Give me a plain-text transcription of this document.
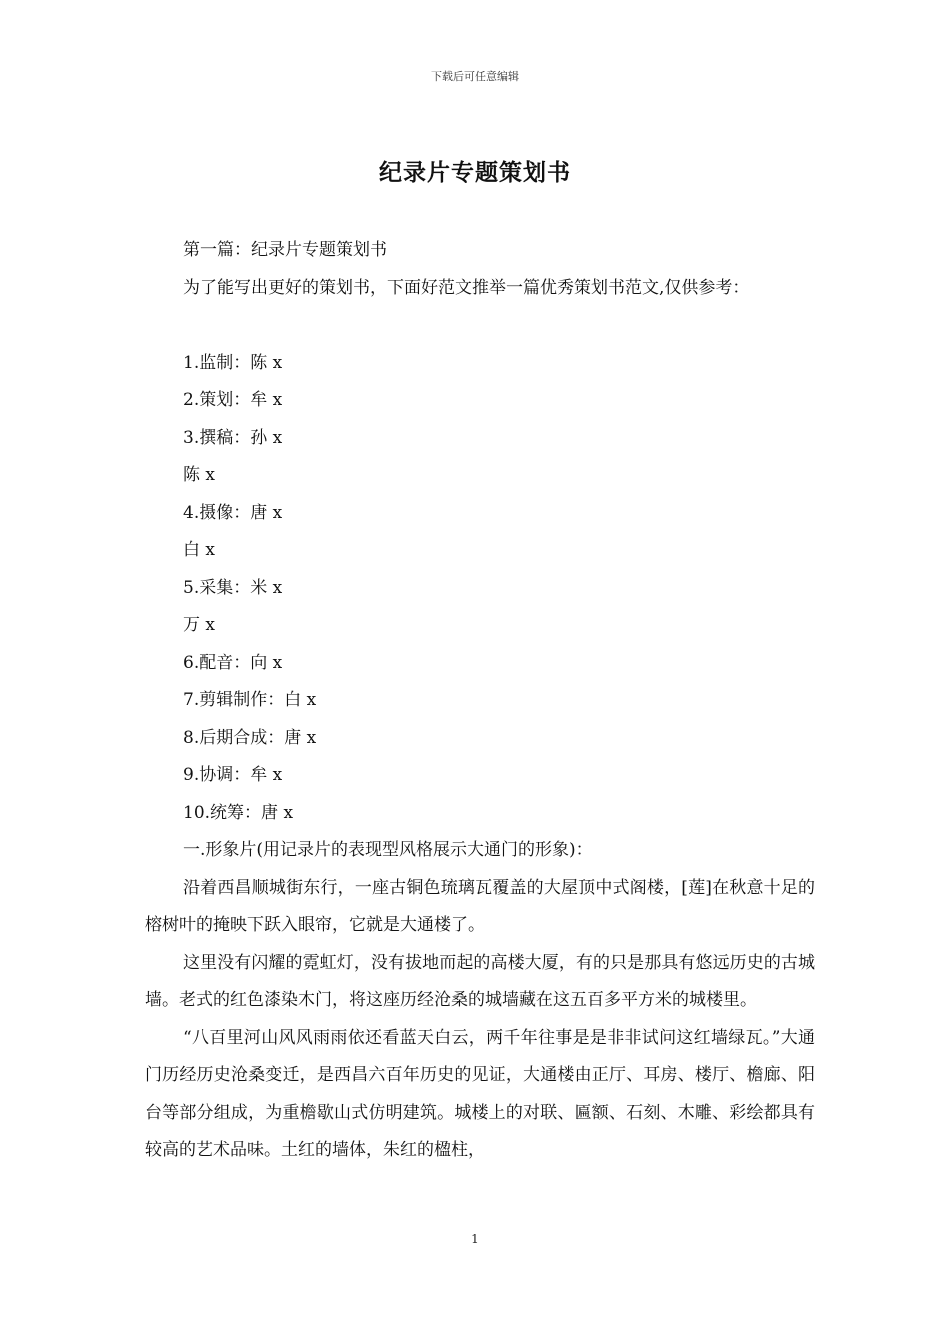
下载后可任意编辑
纪录片专题策划书

第一篇：纪录片专题策划书

为了能写出更好的策划书，下面好范文推举一篇优秀策划书范文,仅供参考：

1.监制：陈 x

2.策划：牟 x

3.撰稿：孙 x

陈 x

4.摄像：唐 x

白 x

5.采集：米 x

万 x

6.配音：向 x

7.剪辑制作：白 x

8.后期合成：唐 x

9.协调：牟 x

10.统筹：唐 x

一.形象片(用记录片的表现型风格展示大通门的形象)：

沿着西昌顺城街东行，一座古铜色琉璃瓦覆盖的大屋顶中式阁楼，[莲]在秋意十足的榕树叶的掩映下跃入眼帘，它就是大通楼了。

这里没有闪耀的霓虹灯，没有拔地而起的高楼大厦，有的只是那具有悠远历史的古城墙。老式的红色漆染木门，将这座历经沧桑的城墙藏在这五百多平方米的城楼里。

“八百里河山风风雨雨依还看蓝天白云，两千年往事是是非非试问这红墙绿瓦。”大通门历经历史沧桑变迁，是西昌六百年历史的见证，大通楼由正厅、耳房、楼厅、檐廊、阳台等部分组成，为重檐歇山式仿明建筑。城楼上的对联、匾额、石刻、木雕、彩绘都具有较高的艺术品味。土红的墙体，朱红的楹柱，

1
